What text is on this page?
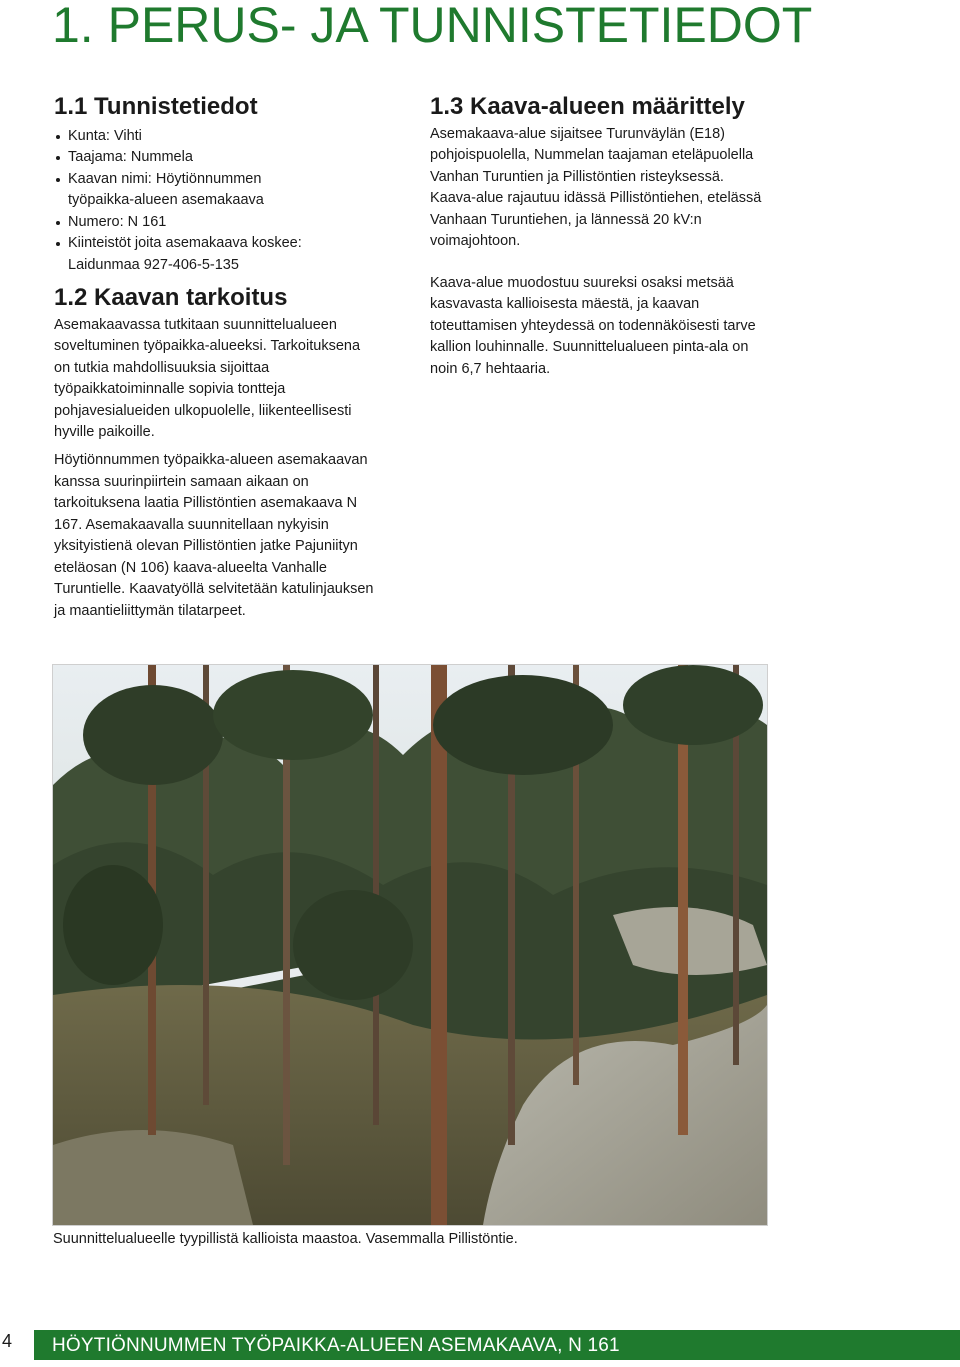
1. PERUS- JA TUNNISTETIEDOT
1.1 Tunnistetiedot
Kunta: Vihti
Taajama: Nummela
Kaavan nimi: Höytiönnummen työpaikka-alueen asemakaava
Numero: N 161
Kiinteistöt joita asemakaava koskee: Laidunmaa 927-406-5-135
1.2 Kaavan tarkoitus

Asemakaavassa tutkitaan suunnittelualueen soveltuminen työpaikka-alueeksi. Tarkoituksena on tutkia mahdollisuuksia sijoittaa työpaikkatoiminnalle sopivia tontteja pohjavesialueiden ulkopuolelle, liikenteellisesti hyville paikoille.

Höytiönnummen työpaikka-alueen asemakaavan kanssa suurinpiirtein samaan aikaan on tarkoituksena laatia Pillistöntien asemakaava N 167. Asemakaavalla suunnitellaan nykyisin yksityistienä olevan Pillistöntien jatke Pajuniityn eteläosan (N 106) kaava-alueelta Vanhalle Turuntielle. Kaavatyöllä selvitetään katulinjauksen ja maantieliittymän tilatarpeet.

1.3 Kaava-alueen määrittely

Asemakaava-alue sijaitsee Turunväylän (E18) pohjoispuolella, Nummelan taajaman eteläpuolella Vanhan Turuntien ja Pillistöntien risteyksessä. Kaava-alue rajautuu idässä Pillistöntiehen, etelässä Vanhaan Turuntiehen, ja lännessä 20 kV:n voimajohtoon.

Kaava-alue muodostuu suureksi osaksi metsää kasvavasta kallioisesta mäestä, ja kaavan toteuttamisen yhteydessä on todennäköisesti tarve kallion louhinnalle. Suunnittelualueen pinta-ala on noin 6,7 hehtaaria.

Suunnittelualueelle tyypillistä kallioista maastoa. Vasemmalla Pillistöntie.

4 HÖYTIÖNNUMMEN TYÖPAIKKA-ALUEEN ASEMAKAAVA, N 161
